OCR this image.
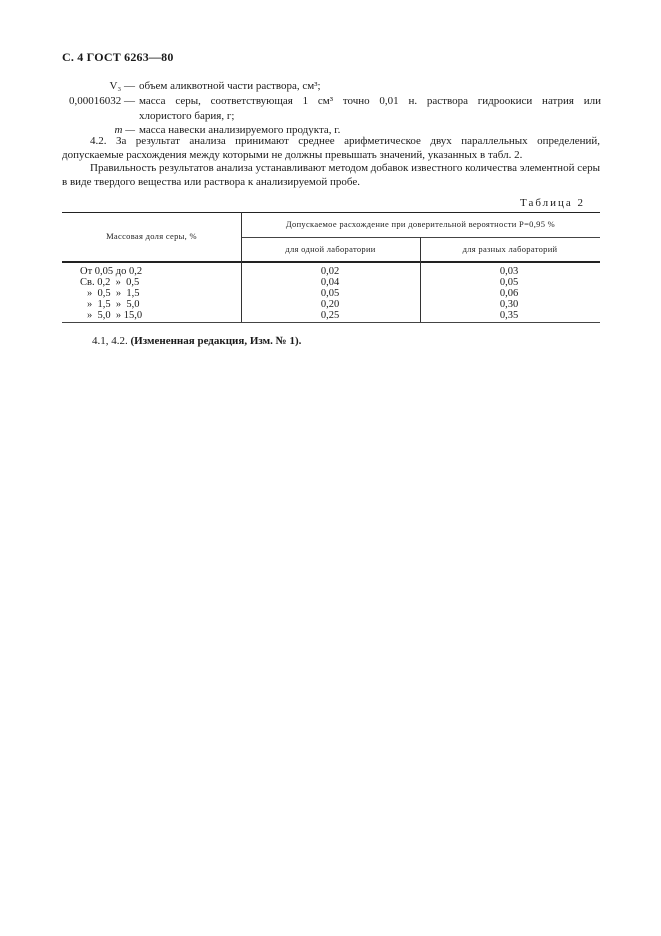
С. 4 ГОСТ 6263—80
V₃ — объем аликвотной части раствора, см³;
0,00016032 — масса серы, соответствующая 1 см³ точно 0,01 н. раствора гидроокиси натрия или
хлористого бария, г;
m — масса навески анализируемого продукта, г.
4.2. За результат анализа принимают среднее арифметическое двух параллельных определений, допускаемые расхождения между которыми не должны превышать значений, указанных в табл. 2.
Правильность результатов анализа устанавливают методом добавок известного количества элементной серы в виде твердого вещества или раствора к анализируемой пробе.
Таблица 2
Массовая доля серы, %
Допускаемое расхождение при доверительной вероятности P=0,95 %
для одной лаборатории	для разных лабораторий
От 0,05 до 0,2	0,02	0,03
Св. 0,2  »  0,5	0,04	0,05
»  0,5  »  1,5	0,05	0,06
»  1,5  »  5,0	0,20	0,30
»  5,0  » 15,0	0,25	0,35
4.1, 4.2. (Измененная редакция, Изм. № 1).
